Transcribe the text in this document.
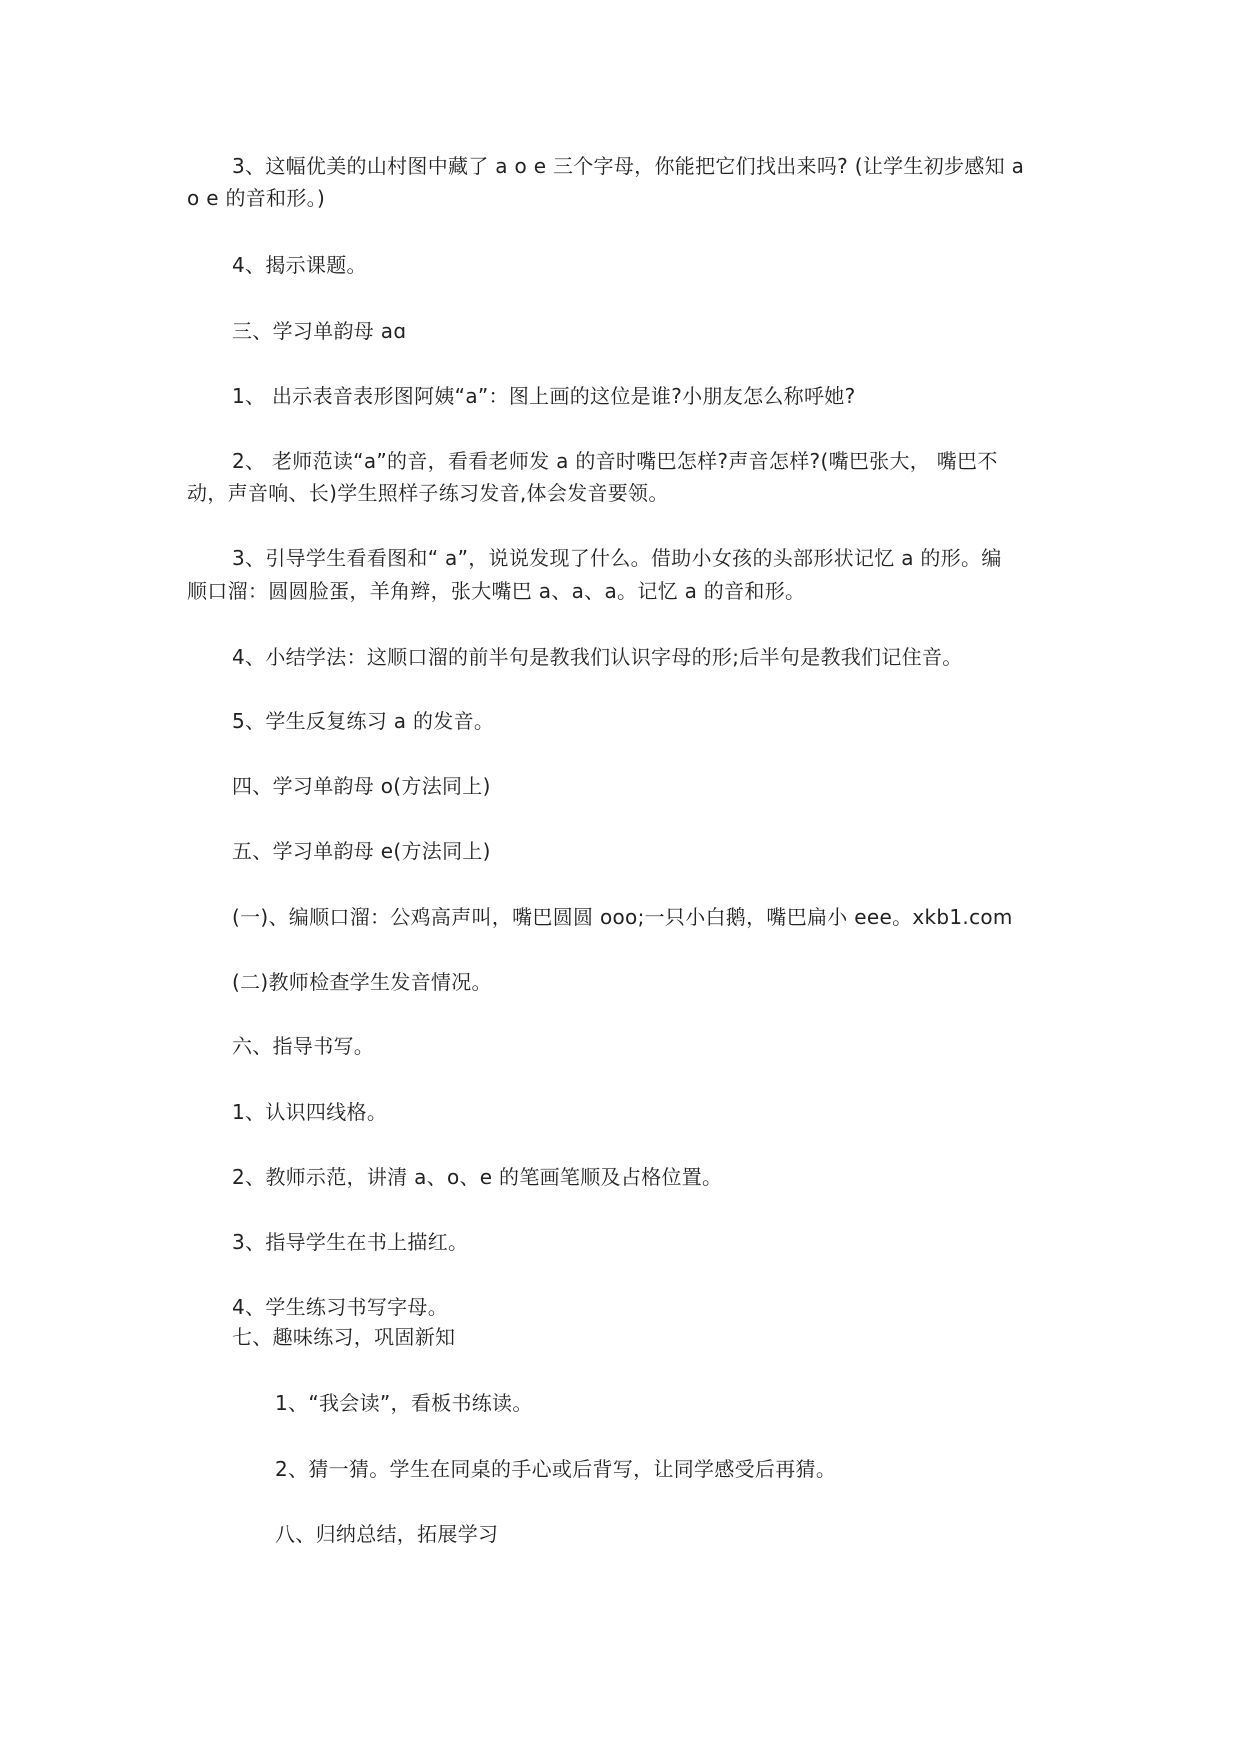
3、这幅优美的山村图中藏了 a o e 三个字母，你能把它们找出来吗? (让学生初步感知 a
o e 的音和形。)
4、揭示课题。
三、学习单韵母 aɑ
1、 出示表音表形图阿姨“a”：图上画的这位是谁?小朋友怎么称呼她?
2、 老师范读“a”的音，看看老师发 a 的音时嘴巴怎样?声音怎样?(嘴巴张大， 嘴巴不
动，声音响、长)学生照样子练习发音,体会发音要领。
3、引导学生看看图和“ a”，说说发现了什么。借助小女孩的头部形状记忆 a 的形。编
顺口溜：圆圆脸蛋，羊角辫，张大嘴巴 a、a、a。记忆 a 的音和形。
4、小结学法：这顺口溜的前半句是教我们认识字母的形;后半句是教我们记住音。
5、学生反复练习 a 的发音。
四、学习单韵母 o(方法同上)
五、学习单韵母 e(方法同上)
(一)、编顺口溜：公鸡高声叫，嘴巴圆圆 ooo;一只小白鹅，嘴巴扁小 eee。xkb1.com
(二)教师检查学生发音情况。
六、指导书写。
1、认识四线格。
2、教师示范，讲清 a、o、e 的笔画笔顺及占格位置。
3、指导学生在书上描红。
4、学生练习书写字母。
七、趣味练习，巩固新知
1、“我会读”，看板书练读。
2、猜一猜。学生在同桌的手心或后背写，让同学感受后再猜。
八、归纳总结，拓展学习
